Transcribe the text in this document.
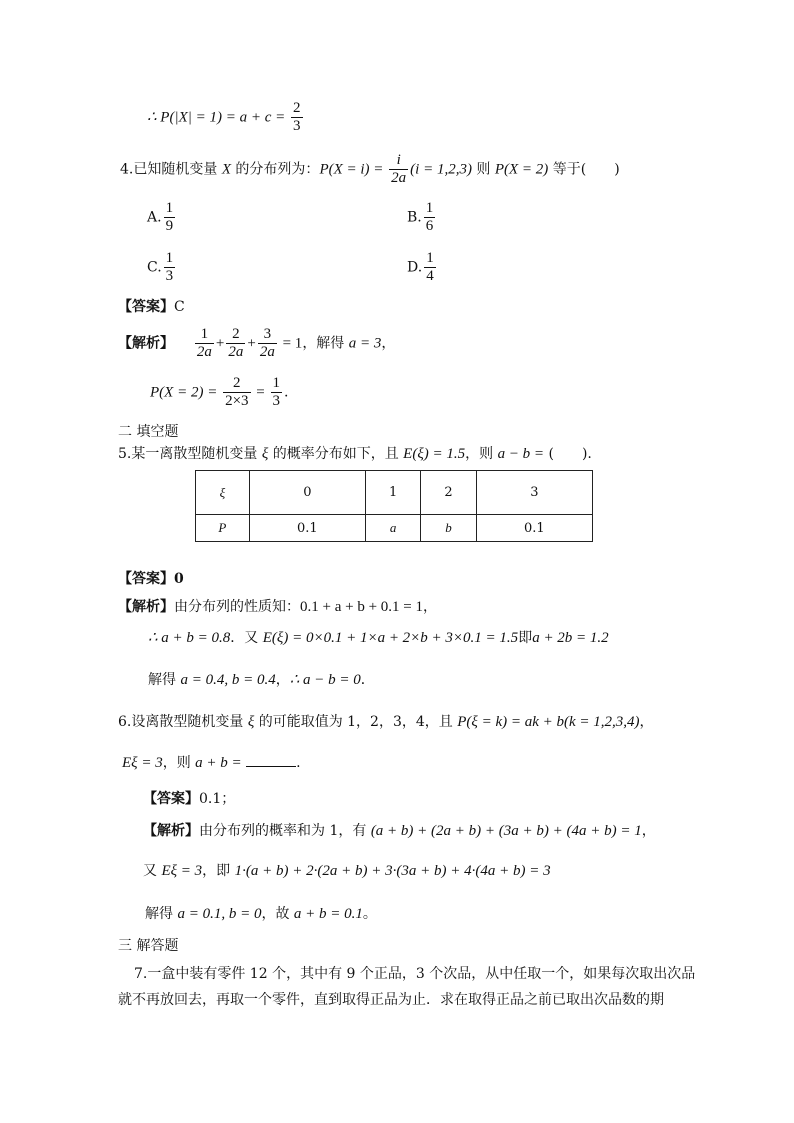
∴ $P(|X| = 1) = a + c = \frac{2}{3}$
4.已知随机变量 X 的分布列为：$P(X = i) = \frac{i}{2a} (i = 1,2,3)$ 则 P(X = 2) 等于(　　)
A. $\frac{1}{9}$	B. $\frac{1}{6}$
C. $\frac{1}{3}$	D. $\frac{1}{4}$
【答案】C
【解析】 $\frac{1}{2a} + \frac{2}{2a} + \frac{3}{2a} = 1$，解得 a = 3，
$P(X = 2) = \frac{2}{2\times 3} = \frac{1}{3}$ .
二 填空题
5.某一离散型随机变量 ξ 的概率分布如下，且 E(ξ) = 1.5，则 a − b = (　　).
ξ	0	1	2	3
P	0.1	a	b	0.1
【答案】0
【解析】由分布列的性质知：0.1 + a + b + 0.1 = 1，
∴ a + b = 0.8．又 E(ξ) = 0×0.1 + 1×a + 2×b + 3×0.1 = 1.5即a + 2b = 1.2
解得 a = 0.4, b = 0.4，∴ a − b = 0．
6.设离散型随机变量 ξ 的可能取值为 1，2，3，4，且 P(ξ = k) = ak + b(k = 1,2,3,4)，
Eξ = 3，则 a + b =	.
【答案】0.1；
【解析】由分布列的概率和为 1，有 (a + b) + (2a + b) + (3a + b) + (4a + b) = 1，
又 Eξ = 3，即 1·(a + b) + 2·(2a + b) + 3·(3a + b) + 4·(4a + b) = 3
解得 a = 0.1, b = 0，故 a + b = 0.1。
三 解答题
7.一盒中装有零件 12 个，其中有 9 个正品，3 个次品，从中任取一个，如果每次取出次品
就不再放回去，再取一个零件，直到取得正品为止．求在取得正品之前已取出次品数的期
